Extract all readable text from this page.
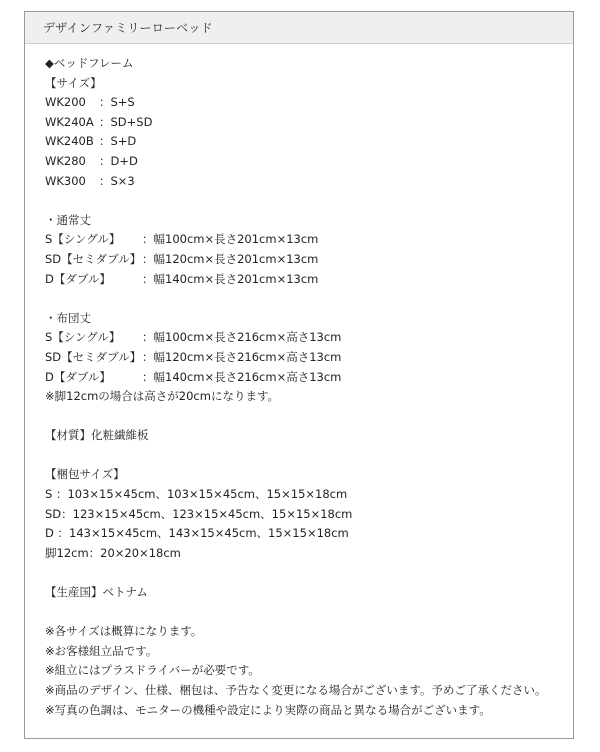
デザインファミリーローベッド
◆ベッドフレーム
【サイズ】
WK200	： S+S
WK240A ： SD+SD
WK240B ： S+D
WK280	： D+D
WK300	： S×3
・通常丈
S【シングル】	：幅100cm×長さ201cm×13cm
SD【セミダブル】 ：幅120cm×長さ201cm×13cm
D【ダブル】	：幅140cm×長さ201cm×13cm
・布団丈
S【シングル】	：幅100cm×長さ216cm×高さ13cm
SD【セミダブル】 ：幅120cm×長さ216cm×高さ13cm
D【ダブル】	：幅140cm×長さ216cm×高さ13cm
※脚12cmの場合は高さが20cmになります。
【材質】化粧繊維板
【梱包サイズ】
S ：103×15×45cm、103×15×45cm、15×15×18cm
SD：123×15×45cm、123×15×45cm、15×15×18cm
D ：143×15×45cm、143×15×45cm、15×15×18cm
脚12cm：20×20×18cm
【生産国】ベトナム
※各サイズは概算になります。
※お客様組立品です。
※組立にはプラスドライバーが必要です。
※商品のデザイン、仕様、梱包は、予告なく変更になる場合がございます。予めご了承ください。
※写真の色調は、モニターの機種や設定により実際の商品と異なる場合がございます。
